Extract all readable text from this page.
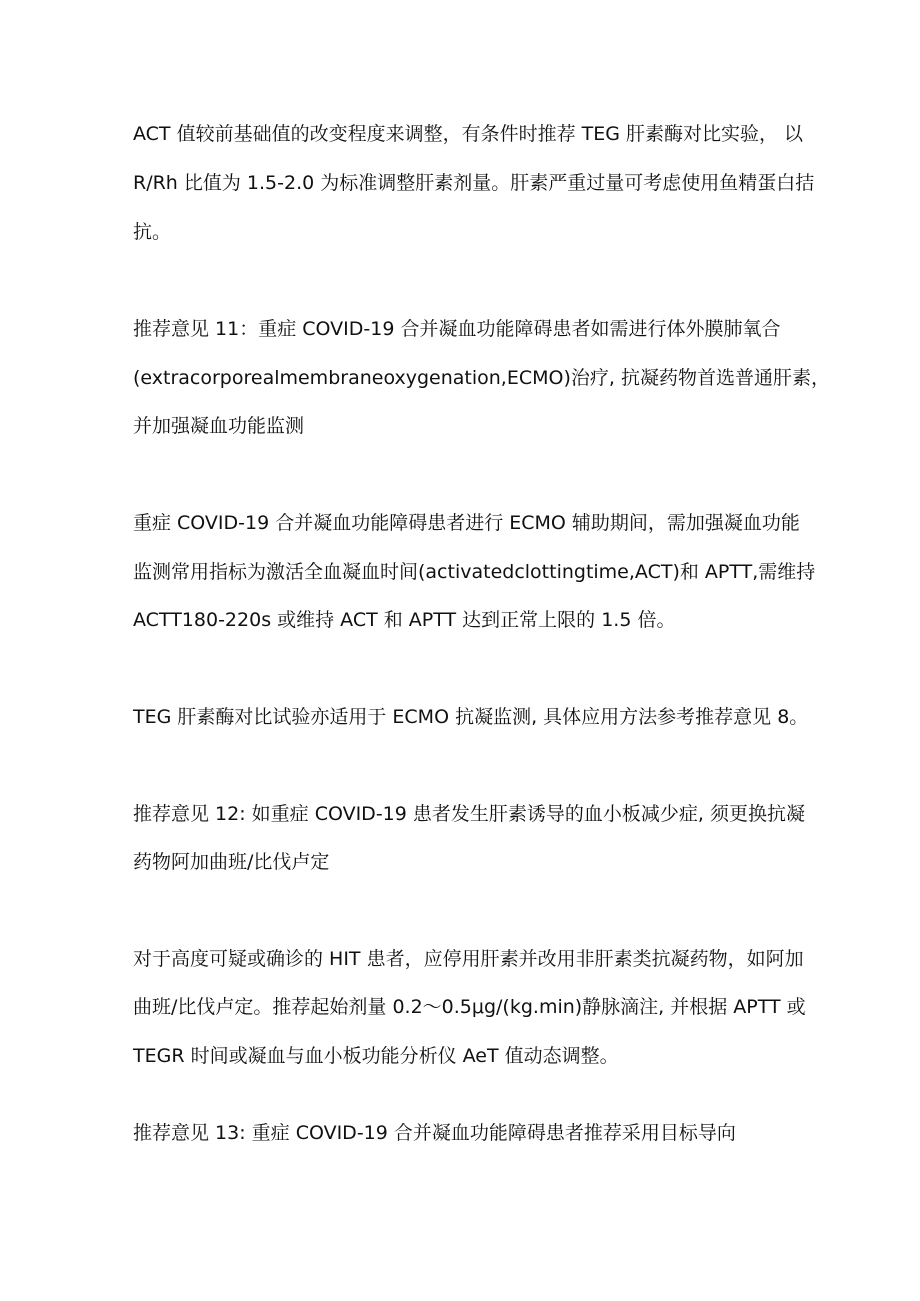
ACT 值较前基础值的改变程度来调整，有条件时推荐 TEG 肝素酶对比实验， 以
R/Rh 比值为 1.5-2.0 为标准调整肝素剂量。肝素严重过量可考虑使用鱼精蛋白拮
抗。
推荐意见 11：重症 COVID-19 合并凝血功能障碍患者如需进行体外膜肺氧合
(extracorporealmembraneoxygenation,ECMO)治疗, 抗凝药物首选普通肝素，
并加强凝血功能监测
重症 COVID-19 合并凝血功能障碍患者进行 ECMO 辅助期间，需加强凝血功能
监测常用指标为激活全血凝血时间(activatedclottingtime,ACT)和 APTT,需维持
ACTT180-220s 或维持 ACT 和 APTT 达到正常上限的 1.5 倍。
TEG 肝素酶对比试验亦适用于 ECMO 抗凝监测, 具体应用方法参考推荐意见 8。
推荐意见 12: 如重症 COVID-19 患者发生肝素诱导的血小板减少症, 须更换抗凝
药物阿加曲班/比伐卢定
对于高度可疑或确诊的 HIT 患者，应停用肝素并改用非肝素类抗凝药物，如阿加
曲班/比伐卢定。推荐起始剂量 0.2～0.5μg/(kg.min)静脉滴注, 并根据 APTT 或
TEGR 时间或凝血与血小板功能分析仪 AeT 值动态调整。
推荐意见 13: 重症 COVID-19 合并凝血功能障碍患者推荐采用目标导向
